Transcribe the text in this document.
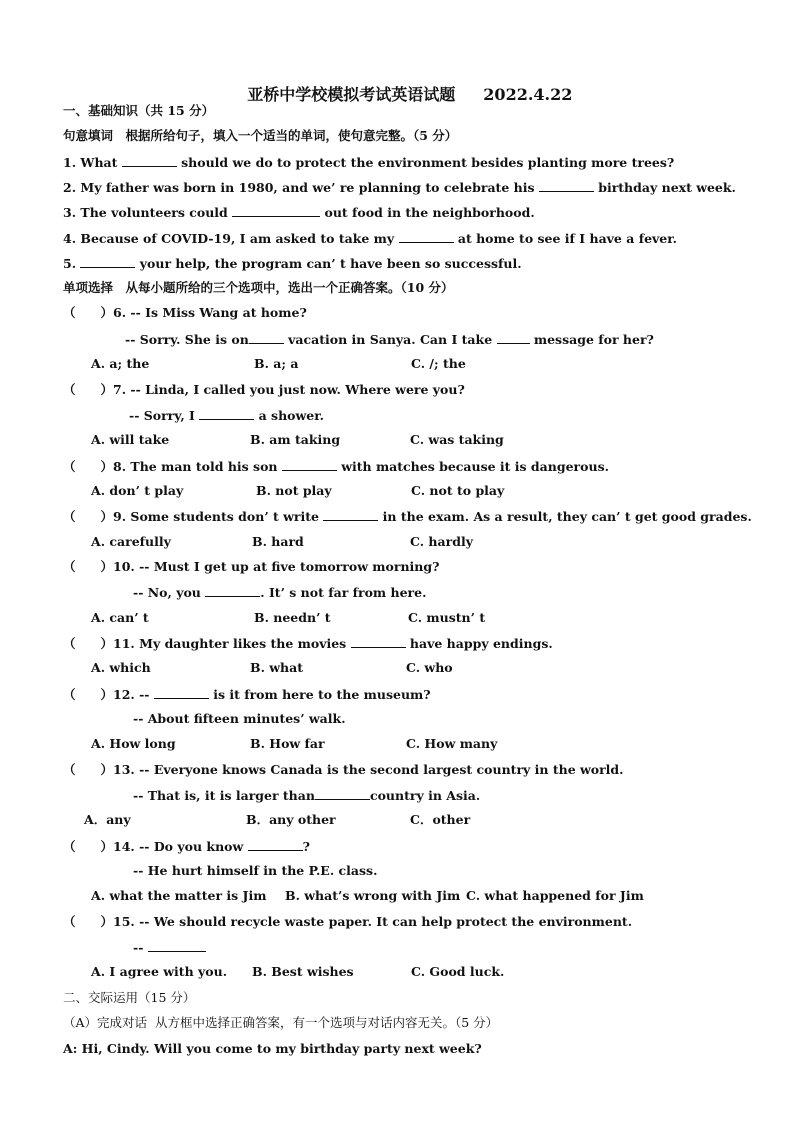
亚桥中学校模拟考试英语试题 2022.4.22

一、基础知识（共 15 分）
句意填词　根据所给句子，填入一个适当的单词，使句意完整。（5 分）
1. What	should we do to protect the environment besides planting more trees?
2. My father was born in 1980, and we’ re planning to celebrate his	birthday next week.
3. The volunteers could	out food in the neighborhood.
4. Because of COVID-19, I am asked to take my	at home to see if I have a fever.
5.	your help, the program can’ t have been so successful.
单项选择　从每小题所给的三个选项中，选出一个正确答案。（10 分）
（　　）6. -- Is Miss Wang at home?
-- Sorry. She is on	vacation in Sanya. Can I take	message for her?
A. a; the	B. a; a	C. /; the
（　　）7. -- Linda, I called you just now. Where were you?
-- Sorry, I	a shower.
A. will take	B. am taking	C. was taking
（　　）8. The man told his son	with matches because it is dangerous.
A. don’ t play	B. not play	C. not to play
（　　）9. Some students don’ t write	in the exam. As a result, they can’ t get good grades.
A. carefully	B. hard	C. hardly
（　　）10. -- Must I get up at five tomorrow morning?
-- No, you	. It’ s not far from here.
A. can’ t	B. needn’ t	C. mustn’ t
（　　）11. My daughter likes the movies	have happy endings.
A. which	B. what	C. who
（　　）12. --	is it from here to the museum?
-- About fifteen minutes’ walk.
A. How long	B. How far	C. How many
（　　）13. -- Everyone knows Canada is the second largest country in the world.
-- That is, it is larger than	country in Asia.
A．any	B．any other	C．other
（　　）14. -- Do you know	?
-- He hurt himself in the P.E. class.
A. what the matter is Jim B. what’s wrong with Jim C. what happened for Jim
（　　）15. -- We should recycle waste paper. It can help protect the environment.
--
A. I agree with you. B. Best wishes	C. Good luck.
二、交际运用（15 分）
（A）完成对话  从方框中选择正确答案，有一个选项与对话内容无关。（5 分）
A: Hi, Cindy. Will you come to my birthday party next week?
